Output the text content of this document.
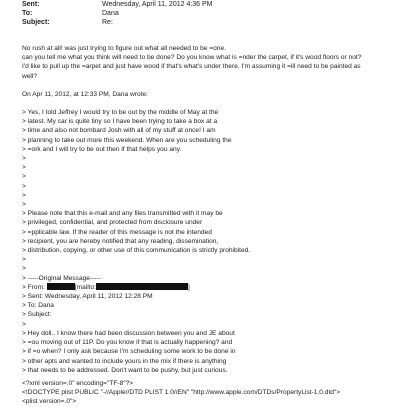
Sent:	Wednesday, April 11, 2012 4:36 PM
To:	Dana
Subject:	Re:

No rush at all! was just trying to figure out what all needed to be =one.

can you tell me what you think will need to be done? Do you know what is =nder the carpet, if it's wood floors or not?

I'd like to pull up the =arpet and just have wood if that's what's under there. I'm assuming it =ill need to be painted as

well?

On Apr 11, 2012, at 12:33 PM, Dana wrote:

> Yes, I told Jeffrey I would try to be out by the middle of May at the

> latest. My car is quite tiny so I have been trying to take a box at a

> time and also not bombard Josh with all of my stuff at once! I am

> planning to take out more this weekend. When are you scheduling the

> =ork and I will try to be out then if that helps you any.

>

>

>

>

>

>

> Please note that this e-mail and any files transmitted with it may be

> privileged, confidential, and protected from disclosure under

> =pplicable law. If the reader of this message is not the intended

> recipient, you are hereby notified that any reading, dissemination,

> distribution, copying, or other use of this communication is strictly prohibited.

>

>

> -----Original Message-----

> From:	[mailto:	]

> Sent: Wednesday, April 11, 2012 12:28 PM

> To: Dana

> Subject:

>

> Hey doll.. I know there had been discussion between you and JE about

> =ou moving out of 11P. Do you know if that is actually happening? and

> if =o when? I only ask because I'm scheduling some work to be done in

> other apts and wanted to include yours in the mix if there is anything

> that needs to be addressed. Don't want to be pushy, but just curious.

<?xml version=.0" encoding="TF-8"?>

<!DOCTYPE plist PUBLIC "-//Apple//DTD PLIST 1.0//EN" "http://www.apple.com/DTDs/PropertyList-1.0.dtd">

<plist version=.0">
